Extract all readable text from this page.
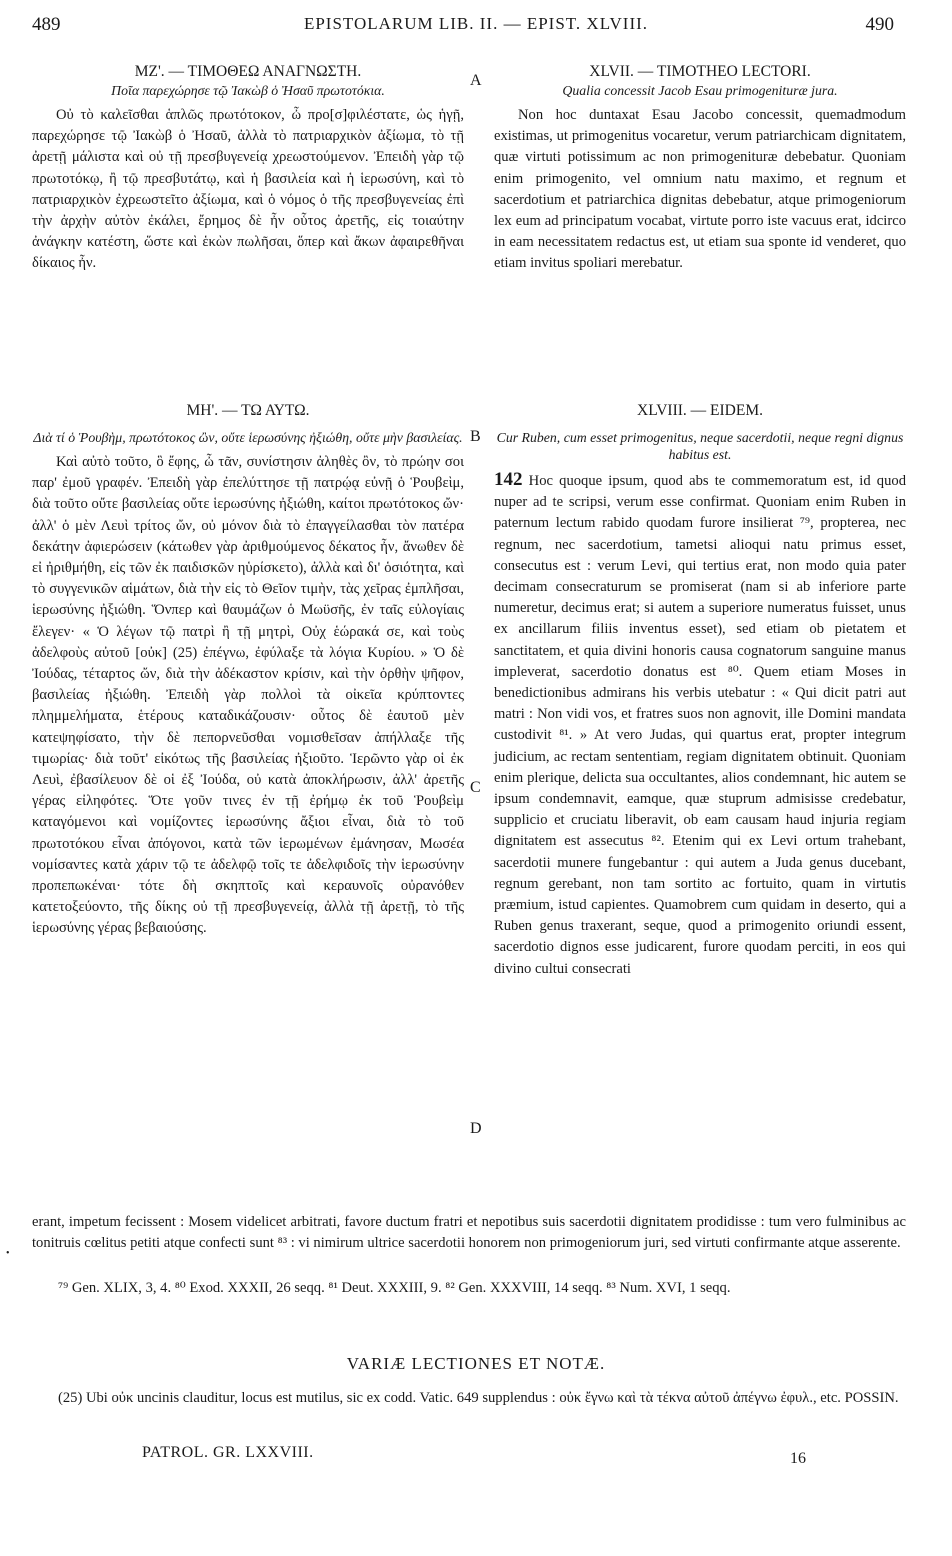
489	EPISTOLARUM LIB. II. — EPIST. XLVIII.	490
A
B
C
D
•
ΜΖ'. — ΤΙΜΟΘΕΩ ΑΝΑΓΝΩΣΤΗ.
Ποῖα παρεχώρησε τῷ Ἰακὼβ ὁ Ἠσαῦ πρωτοτόκια.

Οὐ τὸ καλεῖσθαι ἁπλῶς πρωτότοκον, ὦ προ[σ]φιλέστατε, ὡς ἡγῇ, παρεχώρησε τῷ Ἰακὼβ ὁ Ἠσαῦ, ἀλλὰ τὸ πατριαρχικὸν ἀξίωμα, τὸ τῇ ἀρετῇ μάλιστα καὶ οὐ τῇ πρεσβυγενείᾳ χρεωστούμενον. Ἐπειδὴ γὰρ τῷ πρωτοτόκῳ, ἢ τῷ πρεσβυτάτῳ, καὶ ἡ βασιλεία καὶ ἡ ἱερωσύνη, καὶ τὸ πατριαρχικὸν ἐχρεωστεῖτο ἀξίωμα, καὶ ὁ νόμος ὁ τῆς πρεσβυγενείας ἐπὶ τὴν ἀρχὴν αὐτὸν ἐκάλει, ἔρημος δὲ ἦν οὗτος ἀρετῆς, εἰς τοιαύτην ἀνάγκην κατέστη, ὥστε καὶ ἑκὼν πωλῆσαι, ὅπερ καὶ ἄκων ἀφαιρεθῆναι δίκαιος ἦν.

ΜΗ'. — ΤΩ ΑΥΤΩ.
Διὰ τί ὁ Ῥουβὴμ, πρωτότοκος ὢν, οὔτε ἱερωσύνης ἠξιώθη, οὔτε μὴν βασιλείας.

Καὶ αὐτὸ τοῦτο, ὃ ἔφης, ὦ τᾶν, συνίστησιν ἀληθὲς ὂν, τὸ πρώην σοι παρ' ἐμοῦ γραφέν. Ἐπειδὴ γὰρ ἐπελύττησε τῇ πατρῴᾳ εὐνῇ ὁ Ῥουβεὶμ, διὰ τοῦτο οὔτε βασιλείας οὔτε ἱερωσύνης ἠξιώθη, καίτοι πρωτότοκος ὤν· ἀλλ' ὁ μὲν Λευὶ τρίτος ὤν, οὐ μόνον διὰ τὸ ἐπαγγείλασθαι τὸν πατέρα δεκάτην ἀφιερώσειν (κάτωθεν γὰρ ἀριθμούμενος δέκατος ἦν, ἄνωθεν δὲ εἰ ἠριθμήθη, εἰς τῶν ἐκ παιδισκῶν ηὑρίσκετο), ἀλλὰ καὶ δι' ὁσιότητα, καὶ τὸ συγγενικῶν αἱμάτων, διὰ τὴν εἰς τὸ Θεῖον τιμὴν, τὰς χεῖρας ἐμπλῆσαι, ἱερωσύνης ἠξιώθη. Ὅνπερ καὶ θαυμάζων ὁ Μωϋσῆς, ἐν ταῖς εὐλογίαις ἔλεγεν· « Ὁ λέγων τῷ πατρὶ ἢ τῇ μητρὶ, Οὐχ ἑώρακά σε, καὶ τοὺς ἀδελφοὺς αὐτοῦ [οὐκ] (25) ἐπέγνω, ἐφύλαξε τὰ λόγια Κυρίου. » Ὁ δὲ Ἰούδας, τέταρτος ὤν, διὰ τὴν ἀδέκαστον κρίσιν, καὶ τὴν ὀρθὴν ψῆφον, βασιλείας ἠξιώθη. Ἐπειδὴ γὰρ πολλοὶ τὰ οἰκεῖα κρύπτοντες πλημμελήματα, ἑτέρους καταδικάζουσιν· οὗτος δὲ ἑαυτοῦ μὲν κατεψηφίσατο, τὴν δὲ πεπορνεῦσθαι νομισθεῖσαν ἀπήλλαξε τῆς τιμωρίας· διὰ τοῦτ' εἰκότως τῆς βασιλείας ἠξιοῦτο. Ἱερῶντο γὰρ οἱ ἐκ Λευὶ, ἐβασίλευον δὲ οἱ ἐξ Ἰούδα, οὐ κατὰ ἀποκλήρωσιν, ἀλλ' ἀρετῆς γέρας εἰληφότες. Ὅτε γοῦν τινες ἐν τῇ ἐρήμῳ ἐκ τοῦ Ῥουβεὶμ καταγόμενοι καὶ νομίζοντες ἱερωσύνης ἄξιοι εἶναι, διὰ τὸ τοῦ πρωτοτόκου εἶναι ἀπόγονοι, κατὰ τῶν ἱερωμένων ἐμάνησαν, Μωσέα νομίσαντες κατὰ χάριν τῷ τε ἀδελφῷ τοῖς τε ἀδελφιδοῖς τὴν ἱερωσύνην προπεπωκέναι· τότε δὴ σκηπτοῖς καὶ κεραυνοῖς οὐρανόθεν κατετοξεύοντο, τῆς δίκης οὐ τῇ πρεσβυγενείᾳ, ἀλλὰ τῇ ἀρετῇ, τὸ τῆς ἱερωσύνης γέρας βεβαιούσης.

XLVII. — TIMOTHEO LECTORI.
Qualia concessit Jacob Esau primogenituræ jura.

Non hoc duntaxat Esau Jacobo concessit, quemadmodum existimas, ut primogenitus vocaretur, verum patriarchicam dignitatem, quæ virtuti potissimum ac non primogenituræ debebatur. Quoniam enim primogenito, vel omnium natu maximo, et regnum et sacerdotium et patriarchica dignitas debebatur, atque primogeniorum lex eum ad principatum vocabat, virtute porro iste vacuus erat, idcirco in eam necessitatem redactus est, ut etiam sua sponte id venderet, quo etiam invitus spoliari merebatur.

XLVIII. — EIDEM.
Cur Ruben, cum esset primogenitus, neque sacerdotii, neque regni dignus habitus est.

142 Hoc quoque ipsum, quod abs te commemoratum est, id quod nuper ad te scripsi, verum esse confirmat. Quoniam enim Ruben in paternum lectum rabido quodam furore insilierat ⁷⁹, propterea, nec regnum, nec sacerdotium, tametsi alioqui natu primus esset, consecutus est : verum Levi, qui tertius erat, non modo quia pater decimam consecraturum se promiserat (nam si ab inferiore parte numeretur, decimus erat; si autem a superiore numeratus fuisset, unus ex ancillarum filiis inventus esset), sed etiam ob pietatem et sanctitatem, et quia divini honoris causa cognatorum sanguine manus impleverat, sacerdotio donatus est ⁸⁰. Quem etiam Moses in benedictionibus admirans his verbis utebatur : « Qui dicit patri aut matri : Non vidi vos, et fratres suos non agnovit, ille Domini mandata custodivit ⁸¹. » At vero Judas, qui quartus erat, propter integrum judicium, ac rectam sententiam, regiam dignitatem obtinuit. Quoniam enim plerique, delicta sua occultantes, alios condemnant, hic autem se ipsum condemnavit, eamque, quæ stuprum admisisse credebatur, supplicio et cruciatu liberavit, ob eam causam haud injuria regiam dignitatem est assecutus ⁸². Etenim qui ex Levi ortum trahebant, sacerdotii munere fungebantur : qui autem a Juda genus ducebant, regnum gerebant, non tam sortito ac fortuito, quam in virtutis præmium, istud capientes. Quamobrem cum quidam in deserto, qui a Ruben genus traxerant, seque, quod a primogenito oriundi essent, sacerdotio dignos esse judicarent, furore quodam perciti, in eos qui divino cultui consecrati

erant, impetum fecissent : Mosem videlicet arbitrati, favore ductum fratri et nepotibus suis sacerdotii dignitatem prodidisse : tum vero fulminibus ac tonitruis cœlitus petiti atque confecti sunt ⁸³ : vi nimirum ultrice sacerdotii honorem non primogeniorum juri, sed virtuti confirmante atque asserente.
⁷⁹ Gen. XLIX, 3, 4. ⁸⁰ Exod. XXXII, 26 seqq. ⁸¹ Deut. XXXIII, 9. ⁸² Gen. XXXVIII, 14 seqq. ⁸³ Num. XVI, 1 seqq.
VARIÆ LECTIONES ET NOTÆ.
(25) Ubi οὐκ uncinis clauditur, locus est mutilus, sic ex codd. Vatic. 649 supplendus : οὐκ ἔγνω καὶ τὰ τέκνα αὐτοῦ ἀπέγνω ἐφυλ., etc. POSSIN.
PATROL. GR. LXXVIII.	16
